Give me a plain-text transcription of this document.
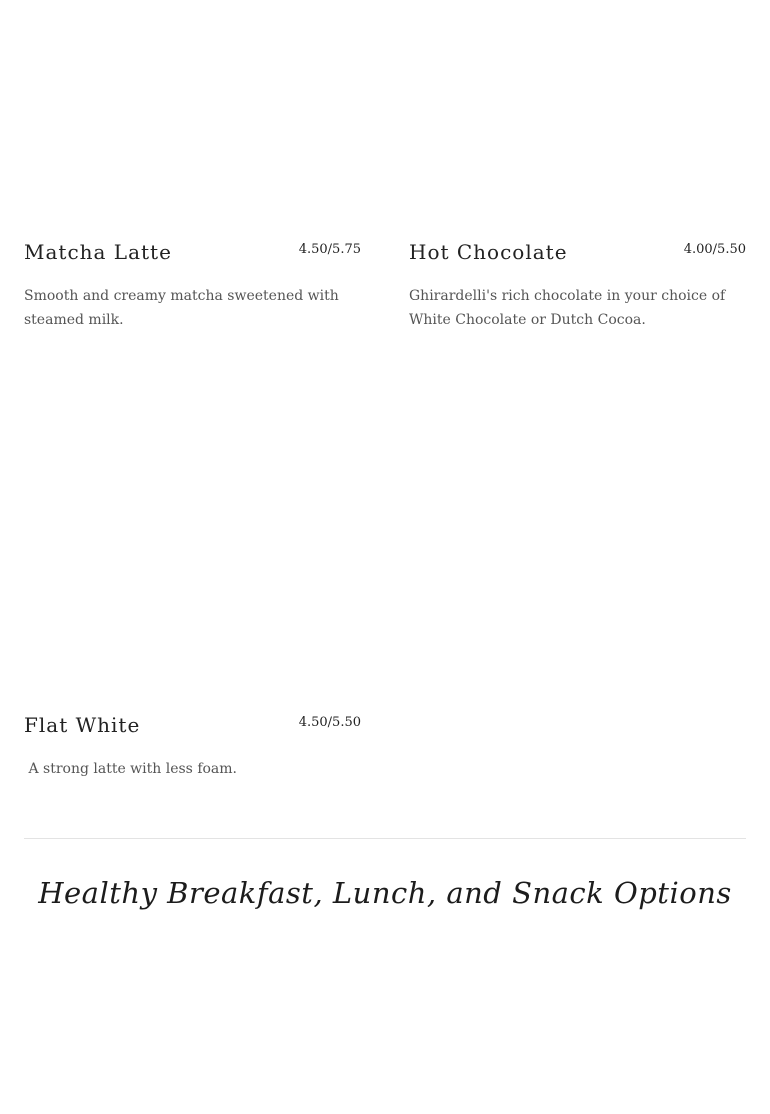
Matcha Latte	4.50/5.75
Smooth and creamy matcha sweetened with steamed milk.
Hot Chocolate	4.00/5.50
Ghirardelli's rich chocolate in your choice of White Chocolate or Dutch Cocoa.
Flat White	4.50/5.50
A strong latte with less foam.
Healthy Breakfast, Lunch, and Snack Options
